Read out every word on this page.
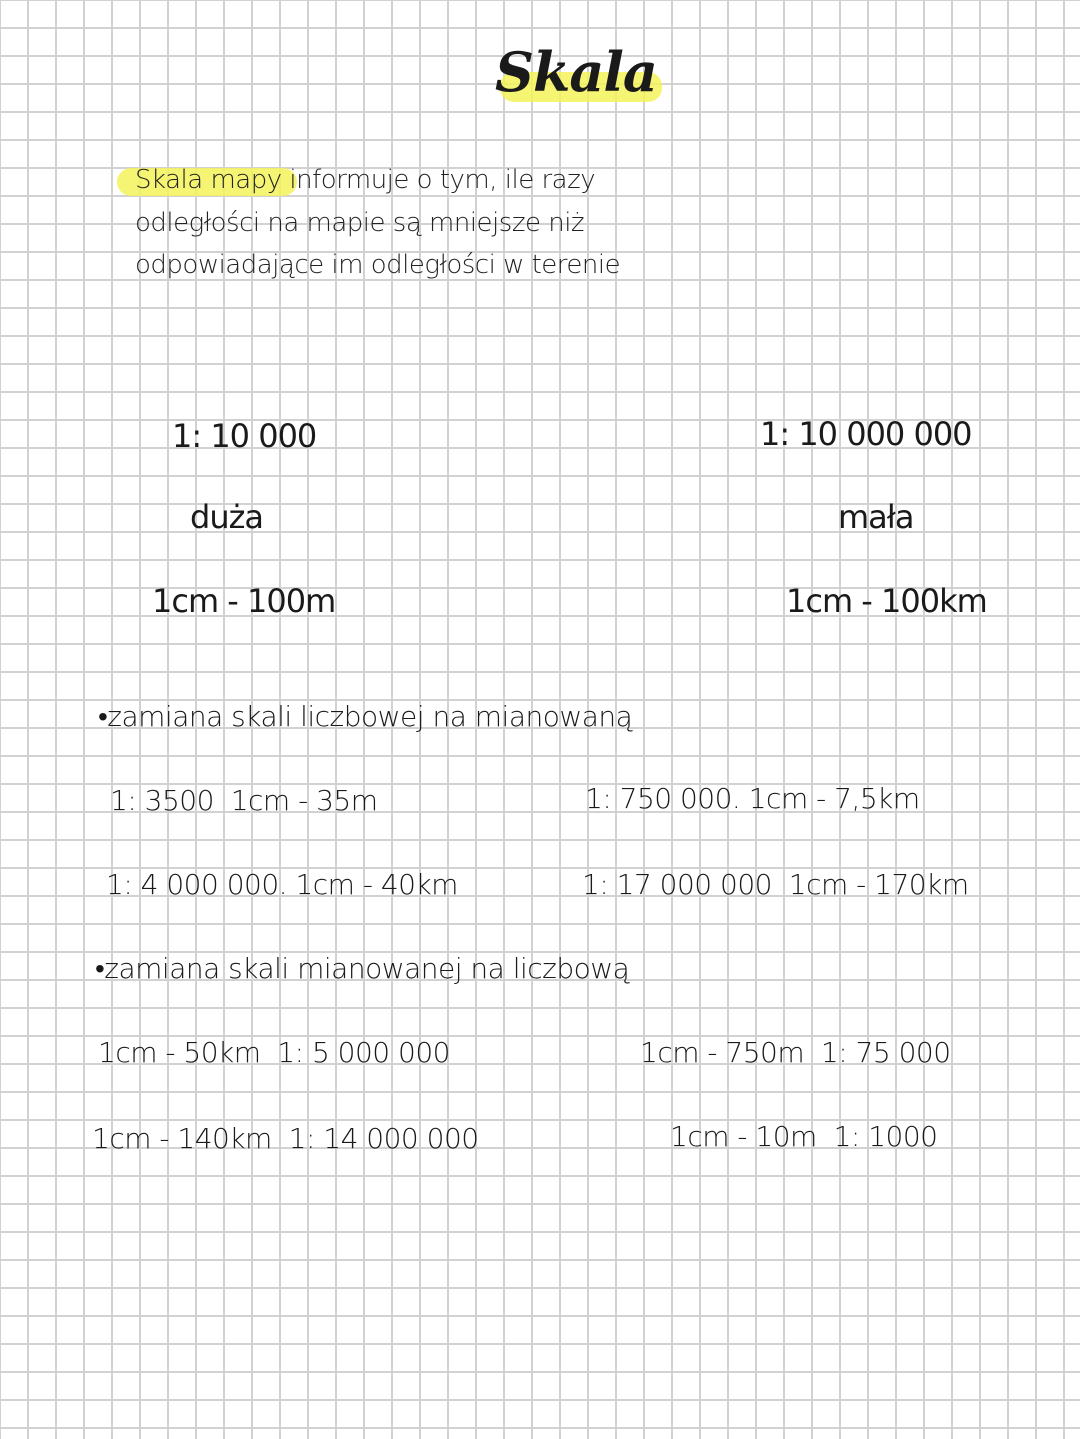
Skala
Skala mapy informuje o tym, ile razy
odległości na mapie są mniejsze niż
odpowiadające im odległości w terenie
1: 10 000
duża
1cm - 100m
1: 10 000 000
mała
1cm - 100km
•zamiana skali liczbowej na mianowaną
1: 3500  1cm - 35m	1: 750 000. 1cm - 7,5km
1: 4 000 000. 1cm - 40km	1: 17 000 000  1cm - 170km
•zamiana skali mianowanej na liczbową
1cm - 50km  1: 5 000 000	1cm - 750m  1: 75 000
1cm - 140km  1: 14 000 000	1cm - 10m  1: 1000
